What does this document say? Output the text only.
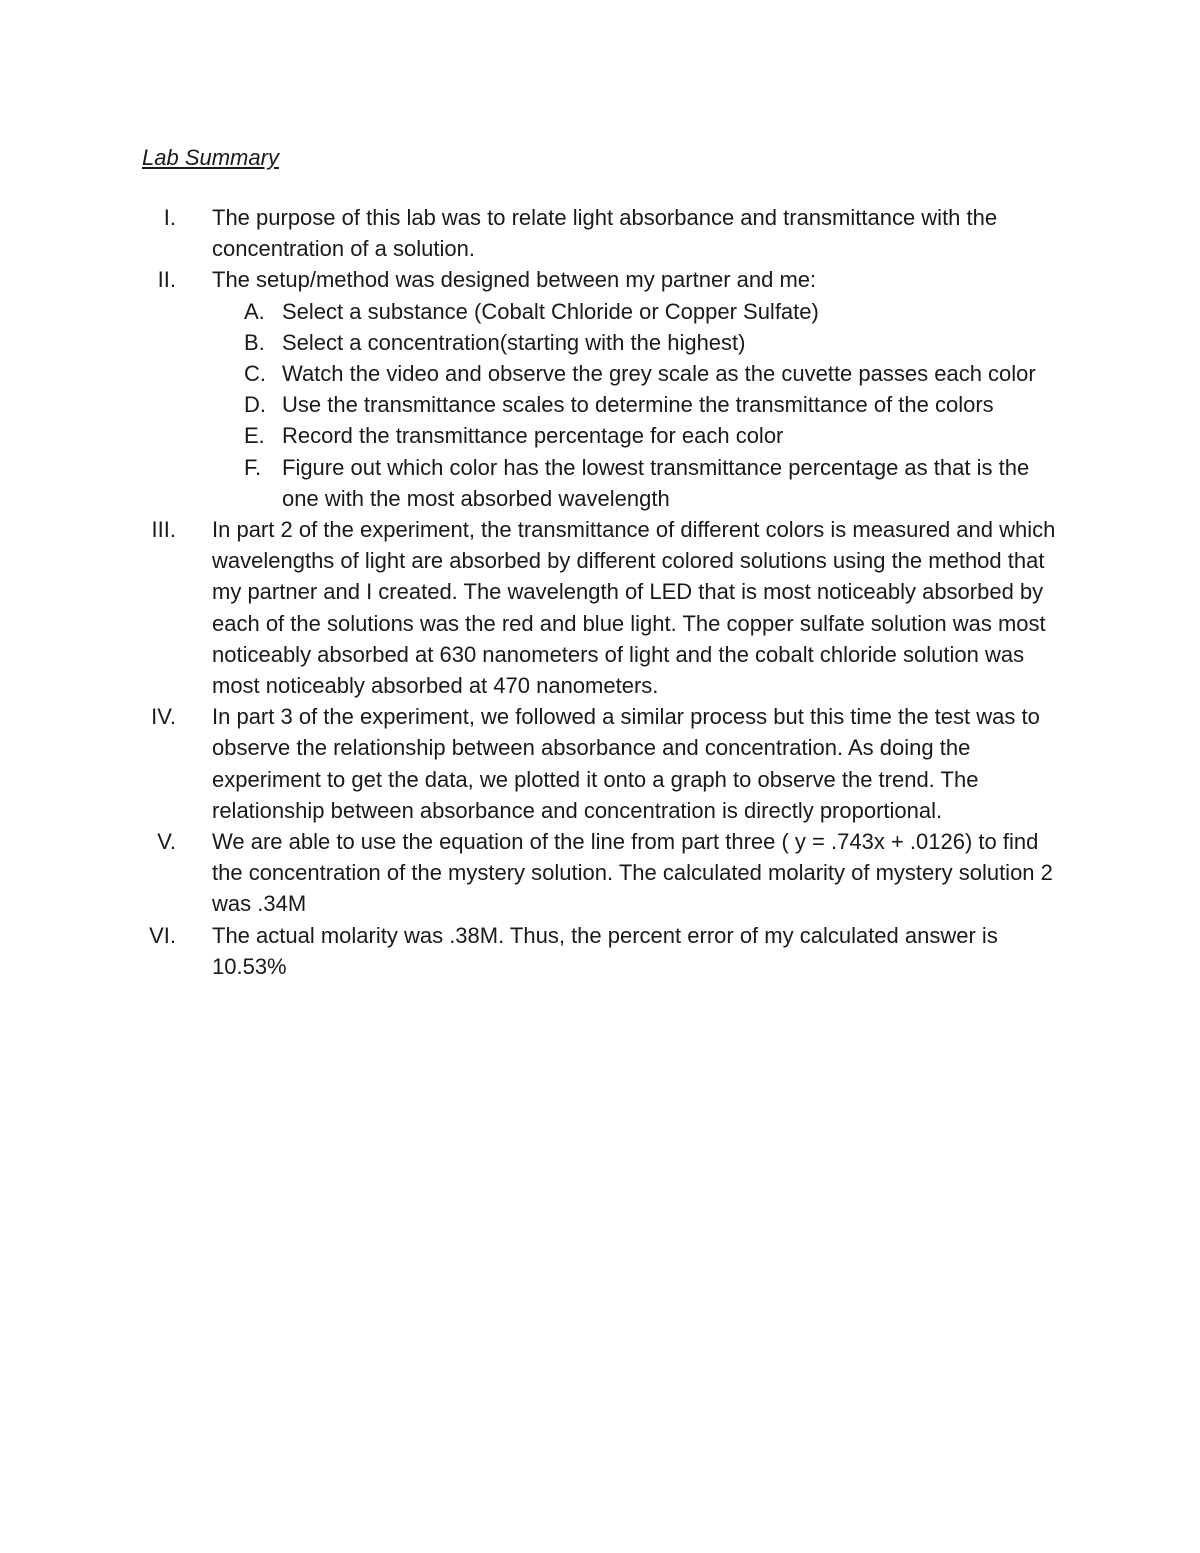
Lab Summary
I. The purpose of this lab was to relate light absorbance and transmittance with the concentration of a solution.
II. The setup/method was designed between my partner and me:
A. Select a substance (Cobalt Chloride or Copper Sulfate)
B. Select a concentration(starting with the highest)
C. Watch the video and observe the grey scale as the cuvette passes each color
D. Use the transmittance scales to determine the transmittance of the colors
E. Record the transmittance percentage for each color
F. Figure out which color has the lowest transmittance percentage as that is the one with the most absorbed wavelength
III. In part 2 of the experiment, the transmittance of different colors is measured and which wavelengths of light are absorbed by different colored solutions using the method that my partner and I created. The wavelength of LED that is most noticeably absorbed by each of the solutions was the red and blue light. The copper sulfate solution was most noticeably absorbed at 630 nanometers of light and the cobalt chloride solution was most noticeably absorbed at 470 nanometers.
IV. In part 3 of the experiment, we followed a similar process but this time the test was to observe the relationship between absorbance and concentration. As doing the experiment to get the data, we plotted it onto a graph to observe the trend. The relationship between absorbance and concentration is directly proportional.
V. We are able to use the equation of the line from part three ( y = .743x + .0126) to find the concentration of the mystery solution. The calculated molarity of mystery solution 2 was .34M
VI. The actual molarity was .38M. Thus, the percent error of my calculated answer is 10.53%
